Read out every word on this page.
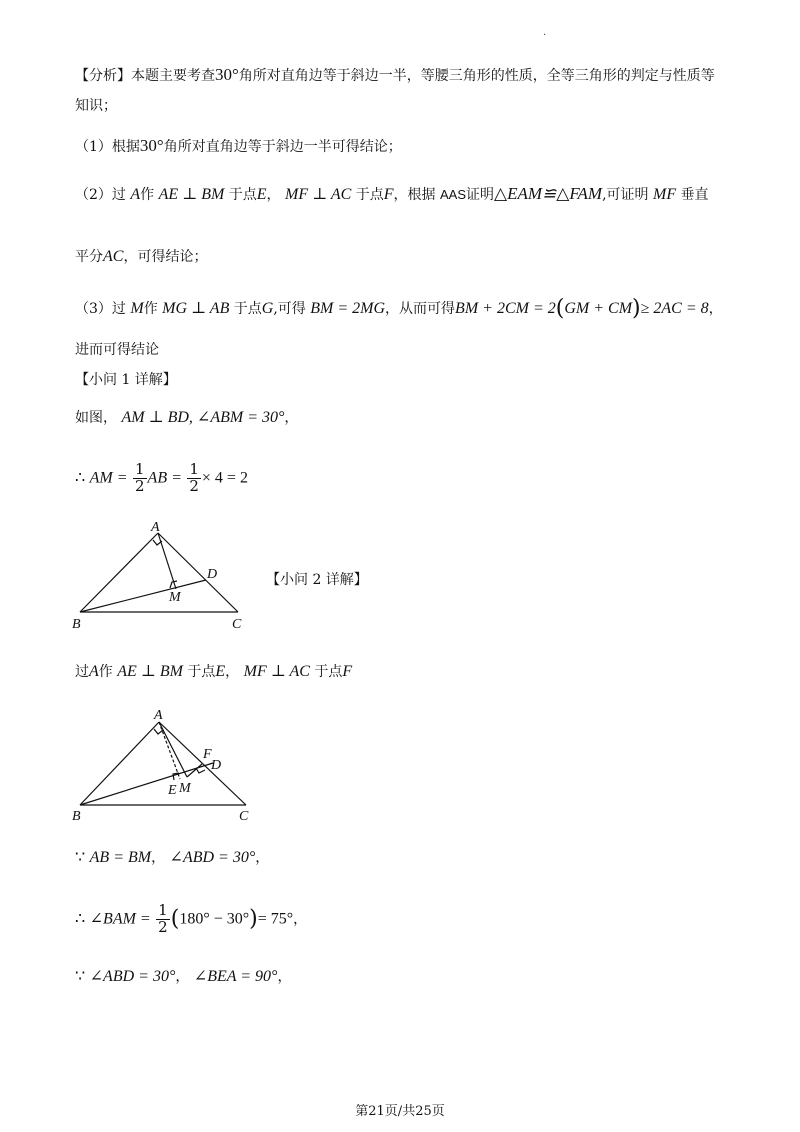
·
【分析】本题主要考查30°角所对直角边等于斜边一半，等腰三角形的性质，全等三角形的判定与性质等
知识；
（1）根据30°角所对直角边等于斜边一半可得结论；
（2）过 A作 AE ⊥ BM 于点E， MF ⊥ AC 于点F，根据 AAS证明△EAM≌△FAM,可证明 MF 垂直
平分AC，可得结论；
（3）过 M作 MG ⊥ AB 于点G,可得 BM = 2MG，从而可得BM + 2CM = 2(GM + CM)≥ 2AC = 8，
进而可得结论
【小问 1 详解】
如图， AM ⊥ BD, ∠ABM = 30°，
∴ AM = $\frac{1}{2}$ AB = $\frac{1}{2} \times 4 = 2$
A
B	C
D
M
【小问 2 详解】
过A作 AE ⊥ BM 于点E， MF ⊥ AC 于点F
A
B	C
D
F
E M
∵ AB = BM， ∠ABD = 30°，
∴ ∠BAM = $\frac{1}{2} (180^\circ - 30^\circ)= 75^\circ$，
∵ ∠ABD = 30°， ∠BEA = 90°，
第21页/共25页
